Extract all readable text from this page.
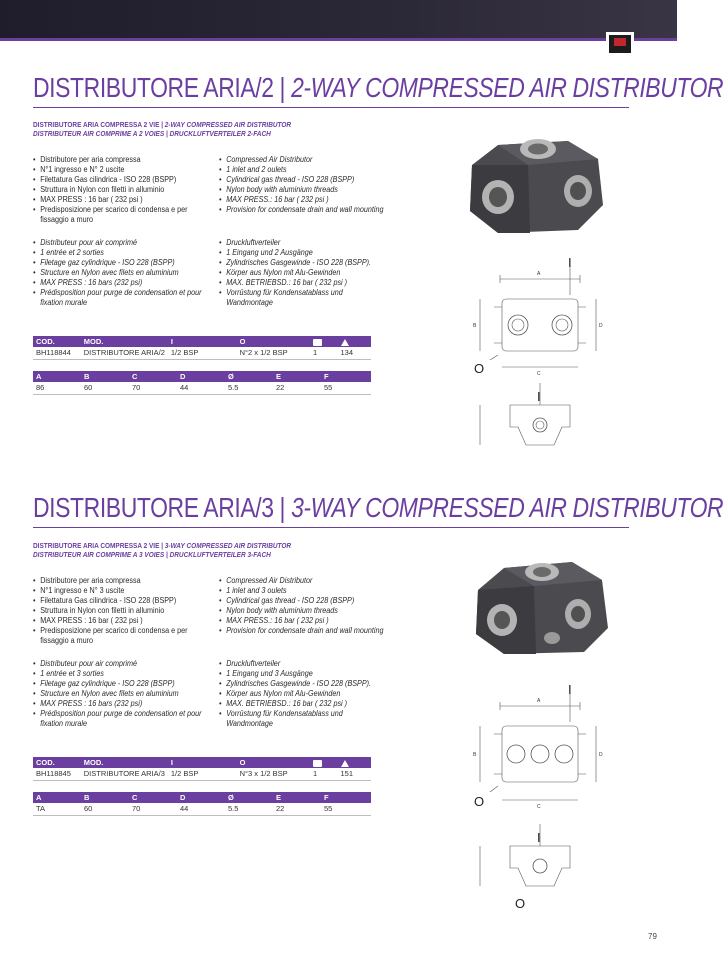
DISTRIBUTORE ARIA/2 | 2-WAY COMPRESSED AIR DISTRIBUTOR
DISTRIBUTORE ARIA COMPRESSA 2 VIE | 2-WAY COMPRESSED AIR DISTRIBUTOR
DISTRIBUTEUR AIR COMPRIME A 2 VOIES | DRUCKLUFTVERTEILER 2-FACH
• Distributore per aria compressa
• N°1 ingresso e N° 2 uscite
• Filettatura Gas cilindrica - ISO 228 (BSPP)
• Struttura in Nylon con filetti in alluminio
• MAX PRESS : 16 bar ( 232 psi )
• Predisposizione per scarico di condensa e per fissaggio a muro
• Compressed Air Distributor
• 1 inlet and 2 oulets
• Cylindrical gas thread - ISO 228 (BSPP)
• Nylon body with aluminium threads
• MAX PRESS.: 16 bar ( 232 psi )
• Provision for condensate drain and wall mounting
• Distributeur pour air comprimé
• 1 entrée et 2 sorties
• Filetage gaz cylindrique - ISO 228 (BSPP)
• Structure en Nylon avec filets en aluminium
• MAX PRESS : 16 bars (232 psi)
• Prédisposition pour purge de condensation et pour fixation murale
• Druckluftverteiler
• 1 Eingang und 2 Ausgänge
• Zylindrisches Gasgewinde - ISO 228 (BSPP).
• Körper aus Nylon mit Alu-Gewinden
• MAX. BETRIEBSD.: 16 bar ( 232 psi )
• Vorrüstung für Kondensatablass und Wandmontage
COD.	MOD.	I	O		
BH118844	DISTRIBUTORE ARIA/2	1/2 BSP	N°2 x 1/2 BSP	1	134
A	B	C	D	Ø	E	F
86	60	70	44	5.5	22	55
I
O
A
C
D
B
I
DISTRIBUTORE ARIA/3 | 3-WAY COMPRESSED AIR DISTRIBUTOR
DISTRIBUTORE ARIA COMPRESSA 2 VIE | 3-WAY COMPRESSED AIR DISTRIBUTOR
DISTRIBUTEUR AIR COMPRIME A 3 VOIES | DRUCKLUFTVERTEILER 3-FACH
• Distributore per aria compressa
• N°1 ingresso e N° 3 uscite
• Filettatura Gas cilindrica - ISO 228 (BSPP)
• Struttura in Nylon con filetti in alluminio
• MAX PRESS : 16 bar ( 232 psi )
• Predisposizione per scarico di condensa e per fissaggio a muro
• Compressed Air Distributor
• 1 inlet and 3 oulets
• Cylindrical gas thread - ISO 228 (BSPP)
• Nylon body with aluminium threads
• MAX PRESS.: 16 bar ( 232 psi )
• Provision for condensate drain and wall mounting
• Distributeur pour air comprimé
• 1 entrée et 3 sorties
• Filetage gaz cylindrique - ISO 228 (BSPP)
• Structure en Nylon avec filets en aluminium
• MAX PRESS : 16 bars (232 psi)
• Prédisposition pour purge de condensation et pour fixation murale
• Druckluftverteiler
• 1 Eingang und 3 Ausgänge
• Zylindrisches Gasgewinde - ISO 228 (BSPP).
• Körper aus Nylon mit Alu-Gewinden
• MAX. BETRIEBSD.: 16 bar ( 232 psi )
• Vorrüstung für Kondensatablass und Wandmontage
COD.	MOD.	I	O		
BH118845	DISTRIBUTORE ARIA/3	1/2 BSP	N°3 x 1/2 BSP	1	151
A	B	C	D	Ø	E	F
TA	60	70	44	5.5	22	55
I
O
A
C
D
B
I
O
79
